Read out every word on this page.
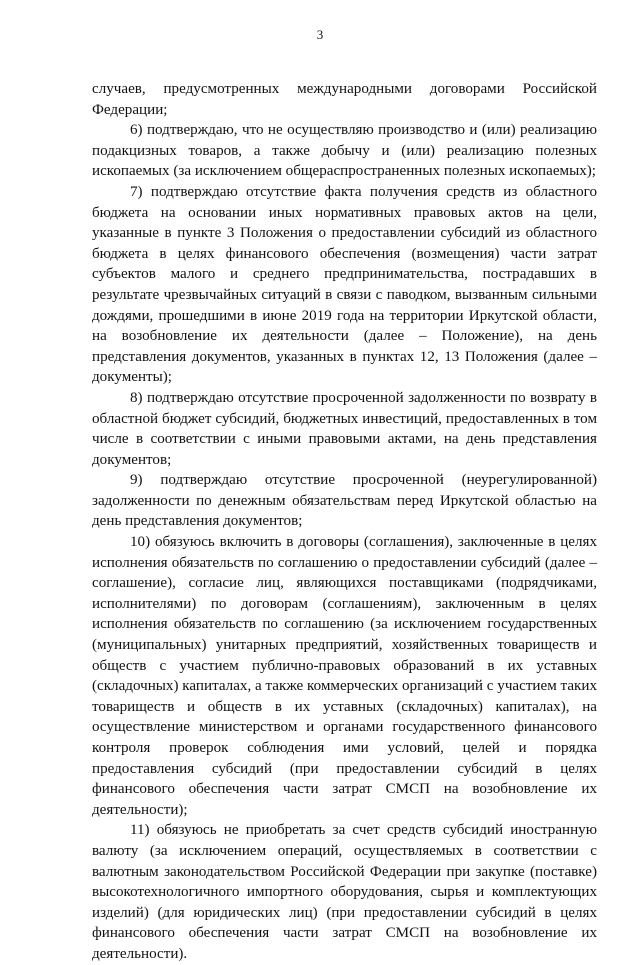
3

случаев, предусмотренных международными договорами Российской Федерации;

6) подтверждаю, что не осуществляю производство и (или) реализацию подакцизных товаров, а также добычу и (или) реализацию полезных ископаемых (за исключением общераспространенных полезных ископаемых);

7) подтверждаю отсутствие факта получения средств из областного бюджета на основании иных нормативных правовых актов на цели, указанные в пункте 3 Положения о предоставлении субсидий из областного бюджета в целях финансового обеспечения (возмещения) части затрат субъектов малого и среднего предпринимательства, пострадавших в результате чрезвычайных ситуаций в связи с паводком, вызванным сильными дождями, прошедшими в июне 2019 года на территории Иркутской области, на возобновление их деятельности (далее – Положение), на день представления документов, указанных в пунктах 12, 13 Положения (далее – документы);

8) подтверждаю отсутствие просроченной задолженности по возврату в областной бюджет субсидий, бюджетных инвестиций, предоставленных в том числе в соответствии с иными правовыми актами, на день представления документов;

9) подтверждаю отсутствие просроченной (неурегулированной) задолженности по денежным обязательствам перед Иркутской областью на день представления документов;

10) обязуюсь включить в договоры (соглашения), заключенные в целях исполнения обязательств по соглашению о предоставлении субсидий (далее – соглашение), согласие лиц, являющихся поставщиками (подрядчиками, исполнителями) по договорам (соглашениям), заключенным в целях исполнения обязательств по соглашению (за исключением государственных (муниципальных) унитарных предприятий, хозяйственных товариществ и обществ с участием публично-правовых образований в их уставных (складочных) капиталах, а также коммерческих организаций с участием таких товариществ и обществ в их уставных (складочных) капиталах), на осуществление министерством и органами государственного финансового контроля проверок соблюдения ими условий, целей и порядка предоставления субсидий (при предоставлении субсидий в целях финансового обеспечения части затрат СМСП на возобновление их деятельности);

11) обязуюсь не приобретать за счет средств субсидий иностранную валюту (за исключением операций, осуществляемых в соответствии с валютным законодательством Российской Федерации при закупке (поставке) высокотехнологичного импортного оборудования, сырья и комплектующих изделий) (для юридических лиц) (при предоставлении субсидий в целях финансового обеспечения части затрат СМСП на возобновление их деятельности).
